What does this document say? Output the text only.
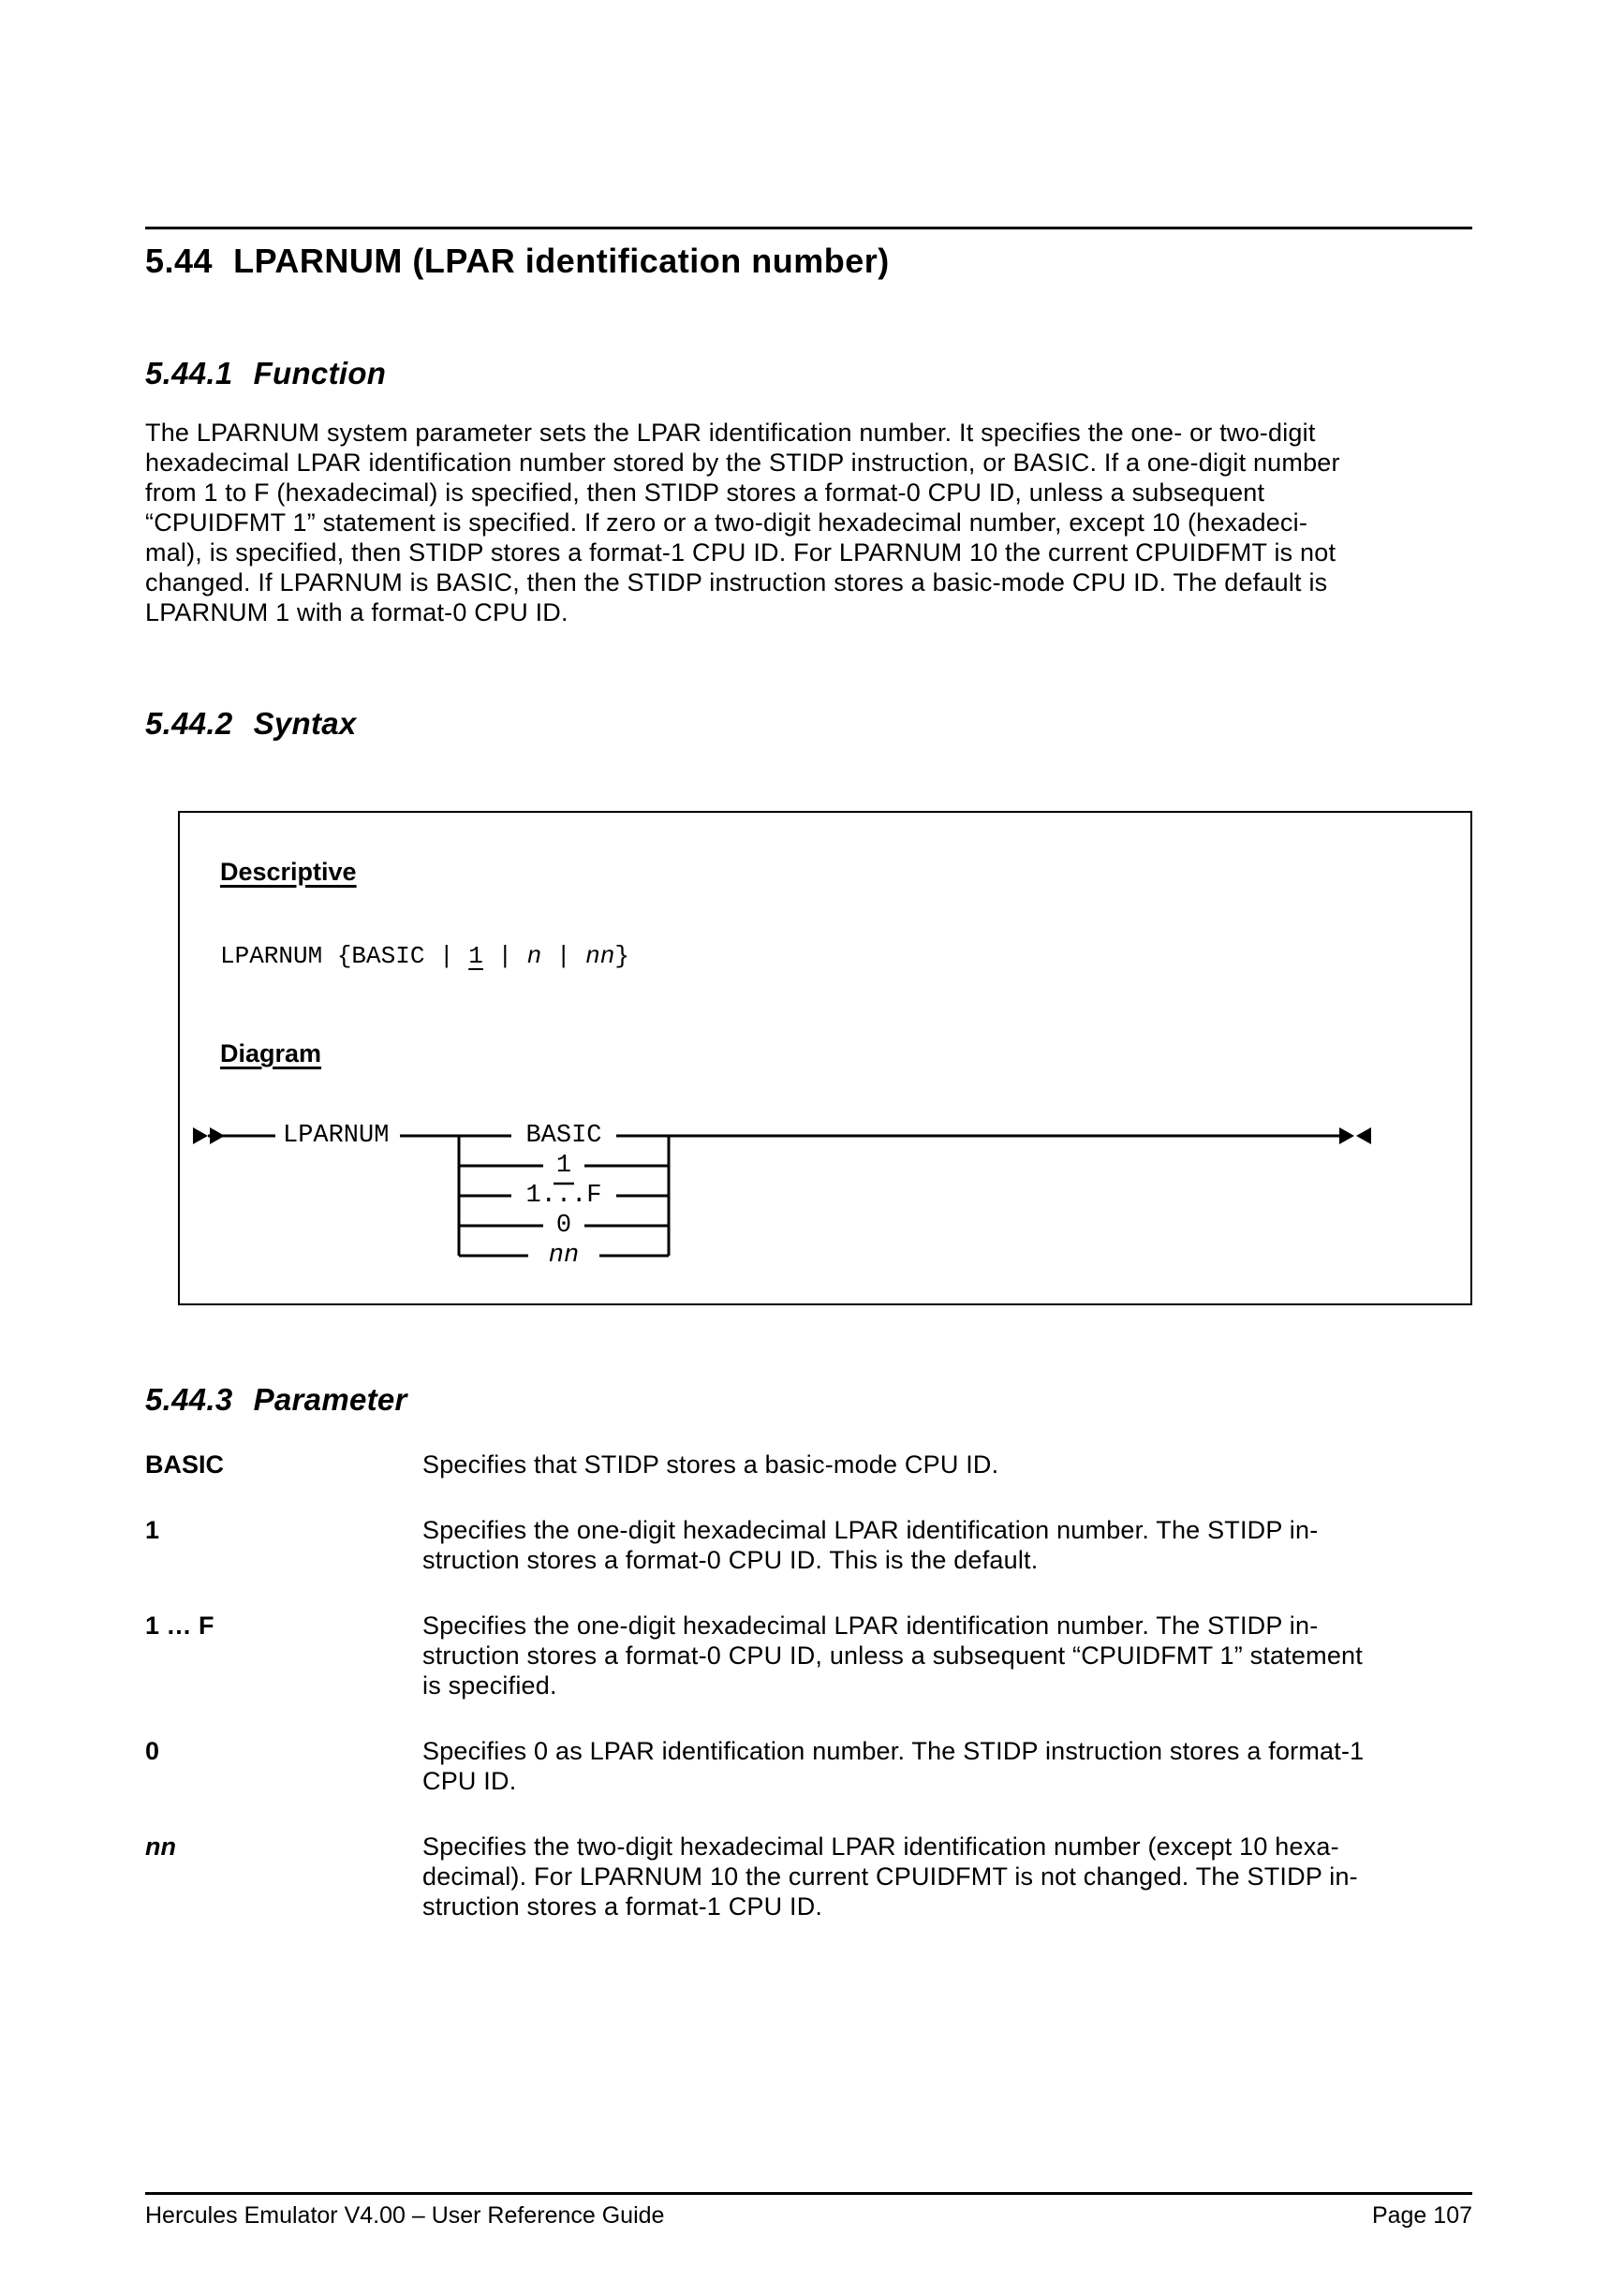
5.44 LPARNUM (LPAR identification number)
5.44.1 Function
The LPARNUM system parameter sets the LPAR identification number. It specifies the one- or two-digit
hexadecimal LPAR identification number stored by the STIDP instruction, or BASIC. If a one-digit number
from 1 to F (hexadecimal) is specified, then STIDP stores a format-0 CPU ID, unless a subsequent
“CPUIDFMT 1” statement is specified. If zero or a two-digit hexadecimal number, except 10 (hexadeci-
mal), is specified, then STIDP stores a format-1 CPU ID. For LPARNUM 10 the current CPUIDFMT is not
changed. If LPARNUM is BASIC, then the STIDP instruction stores a basic-mode CPU ID. The default is
LPARNUM 1 with a format-0 CPU ID.
5.44.2 Syntax
Descriptive
LPARNUM {BASIC | 1 | n | nn}
Diagram
LPARNUM	BASIC
1
1...F
0
nn
5.44.3 Parameter
BASIC	Specifies that STIDP stores a basic-mode CPU ID.
1	Specifies the one-digit hexadecimal LPAR identification number. The STIDP in-
struction stores a format-0 CPU ID. This is the default.
1 … F	Specifies the one-digit hexadecimal LPAR identification number. The STIDP in-
struction stores a format-0 CPU ID, unless a subsequent “CPUIDFMT 1” statement
is specified.
0	Specifies 0 as LPAR identification number. The STIDP instruction stores a format-1
CPU ID.
nn	Specifies the two-digit hexadecimal LPAR identification number (except 10 hexa-
decimal). For LPARNUM 10 the current CPUIDFMT is not changed. The STIDP in-
struction stores a format-1 CPU ID.
Hercules Emulator V4.00 – User Reference Guide	Page 107
